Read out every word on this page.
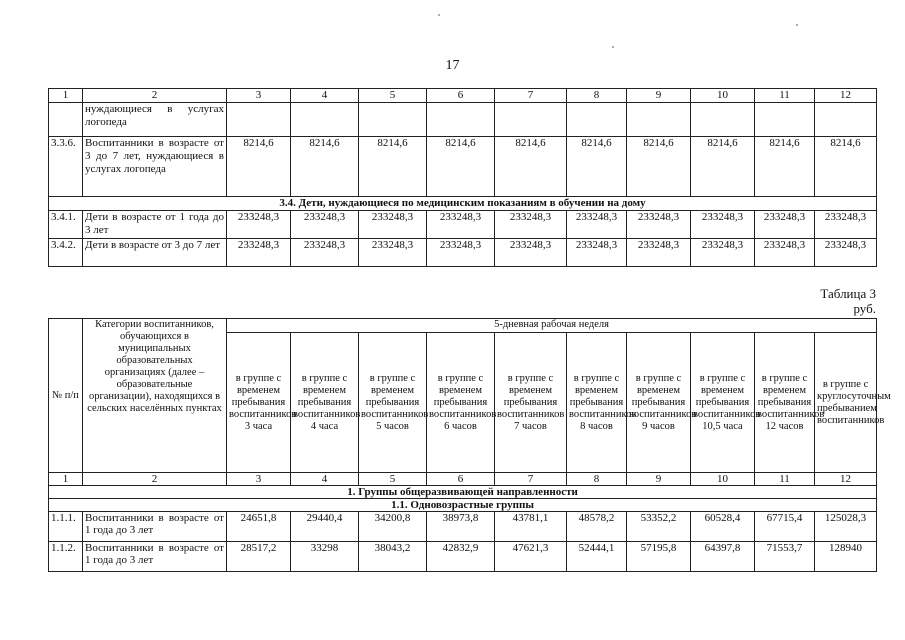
17
1	2	3	4	5	6	7	8	9	10	11	12
	нуждающиеся в услугах логопеда										
3.3.6.	Воспитанники в возрасте от 3 до 7 лет, нуждающиеся в услугах логопеда	8214,6	8214,6	8214,6	8214,6	8214,6	8214,6	8214,6	8214,6	8214,6	8214,6
3.4. Дети, нуждающиеся по медицинским показаниям в обучении на дому											
3.4.1.	Дети в возрасте от 1 года до 3 лет	233248,3	233248,3	233248,3	233248,3	233248,3	233248,3	233248,3	233248,3	233248,3	233248,3
3.4.2.	Дети в возрасте от 3 до 7 лет	233248,3	233248,3	233248,3	233248,3	233248,3	233248,3	233248,3	233248,3	233248,3	233248,3
Таблица 3
руб.
№ п/п	Категории воспитанников, обучающихся в муниципальных образовательных организациях (далее – образовательные организации), находящихся в сельских населённых пунктах	5-дневная рабочая неделя									
		в группе с временем пребывания воспитанников 3 часа	в группе с временем пребывания воспитанников 4 часа	в группе с временем пребывания воспитанников 5 часов	в группе с временем пребывания воспитанников 6 часов	в группе с временем пребывания воспитанников 7 часов	в группе с временем пребывания воспитанников 8 часов	в группе с временем пребывания воспитанников 9 часов	в группе с временем пребывания воспитанников 10,5 часа	в группе с временем пребывания воспитанников 12 часов	в группе с круглосуточным пребыванием воспитанников
1	2	3	4	5	6	7	8	9	10	11	12
1. Группы общеразвивающей направленности											
1.1. Одновозрастные группы											
1.1.1.	Воспитанники в возрасте от 1 года до 3 лет	24651,8	29440,4	34200,8	38973,8	43781,1	48578,2	53352,2	60528,4	67715,4	125028,3
1.1.2.	Воспитанники в возрасте от 1 года до 3 лет	28517,2	33298	38043,2	42832,9	47621,3	52444,1	57195,8	64397,8	71553,7	128940
